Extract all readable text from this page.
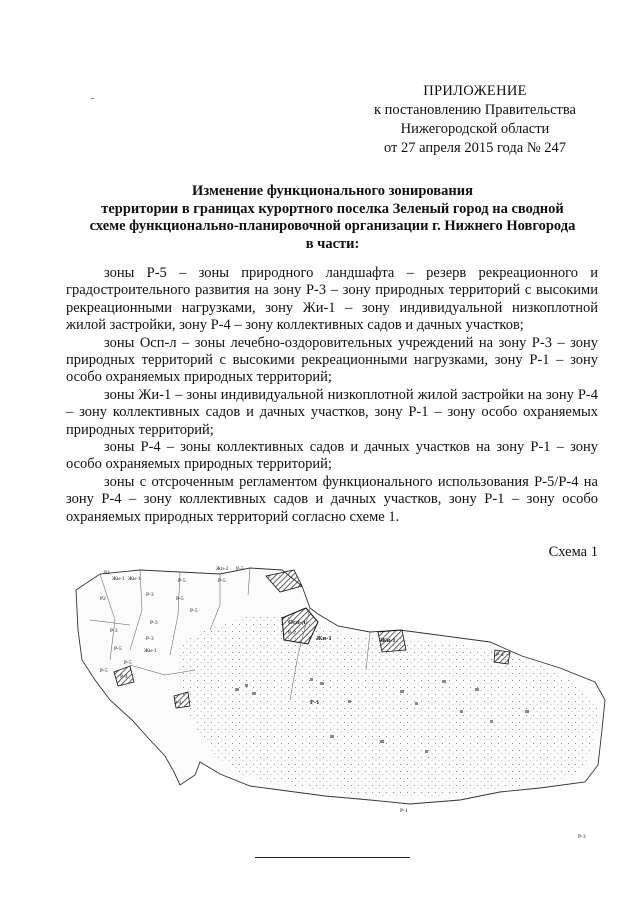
-	ПРИЛОЖЕНИЕ
к постановлению Правительства
Нижегородской области
от 27 апреля 2015 года № 247
Изменение функционального зонирования
территории в границах курортного поселка Зеленый город на сводной
схеме функционально-планировочной организации г. Нижнего Новгорода
в части:

зоны Р-5 – зоны природного ландшафта – резерв рекреационного и градостроительного развития на зону Р-3 – зону природных территорий с высокими рекреационными нагрузками, зону Жи-1 – зону индивидуальной низкоплотной жилой застройки, зону Р-4 – зону коллективных садов и дачных участков;

зоны Осп-л – зоны лечебно-оздоровительных учреждений на зону Р-3 – зону природных территорий с высокими рекреационными нагрузками, зону Р-1 – зону особо охраняемых природных территорий;

зоны Жи-1 – зоны индивидуальной низкоплотной жилой застройки на зону Р-4 – зону коллективных садов и дачных участков, зону Р-1 – зону особо охраняемых природных территорий;

зоны Р-4 – зоны коллективных садов и дачных участков на зону Р-1 – зону особо охраняемых природных территорий;

зоны с отсроченным регламентом функционального использования Р-5/Р-4 на зону Р-4 – зону коллективных садов и дачных участков, зону Р-1 – зону особо охраняемых природных территорий согласно схеме 1.

Схема 1
Р2
Жи-1 Жи-1
Р2
Р-3
Р-5
Жи-2 Р-5
Р-5
Р-5
Р-3
Р-3
Р-5
Р-5
Осп-л
Р-3
Жи-1	Жи-1
Р-3
Р-5
Жи-1
Р-5
Р-4
Р-4
Р-4	Р-1
Р-1
Р-3
